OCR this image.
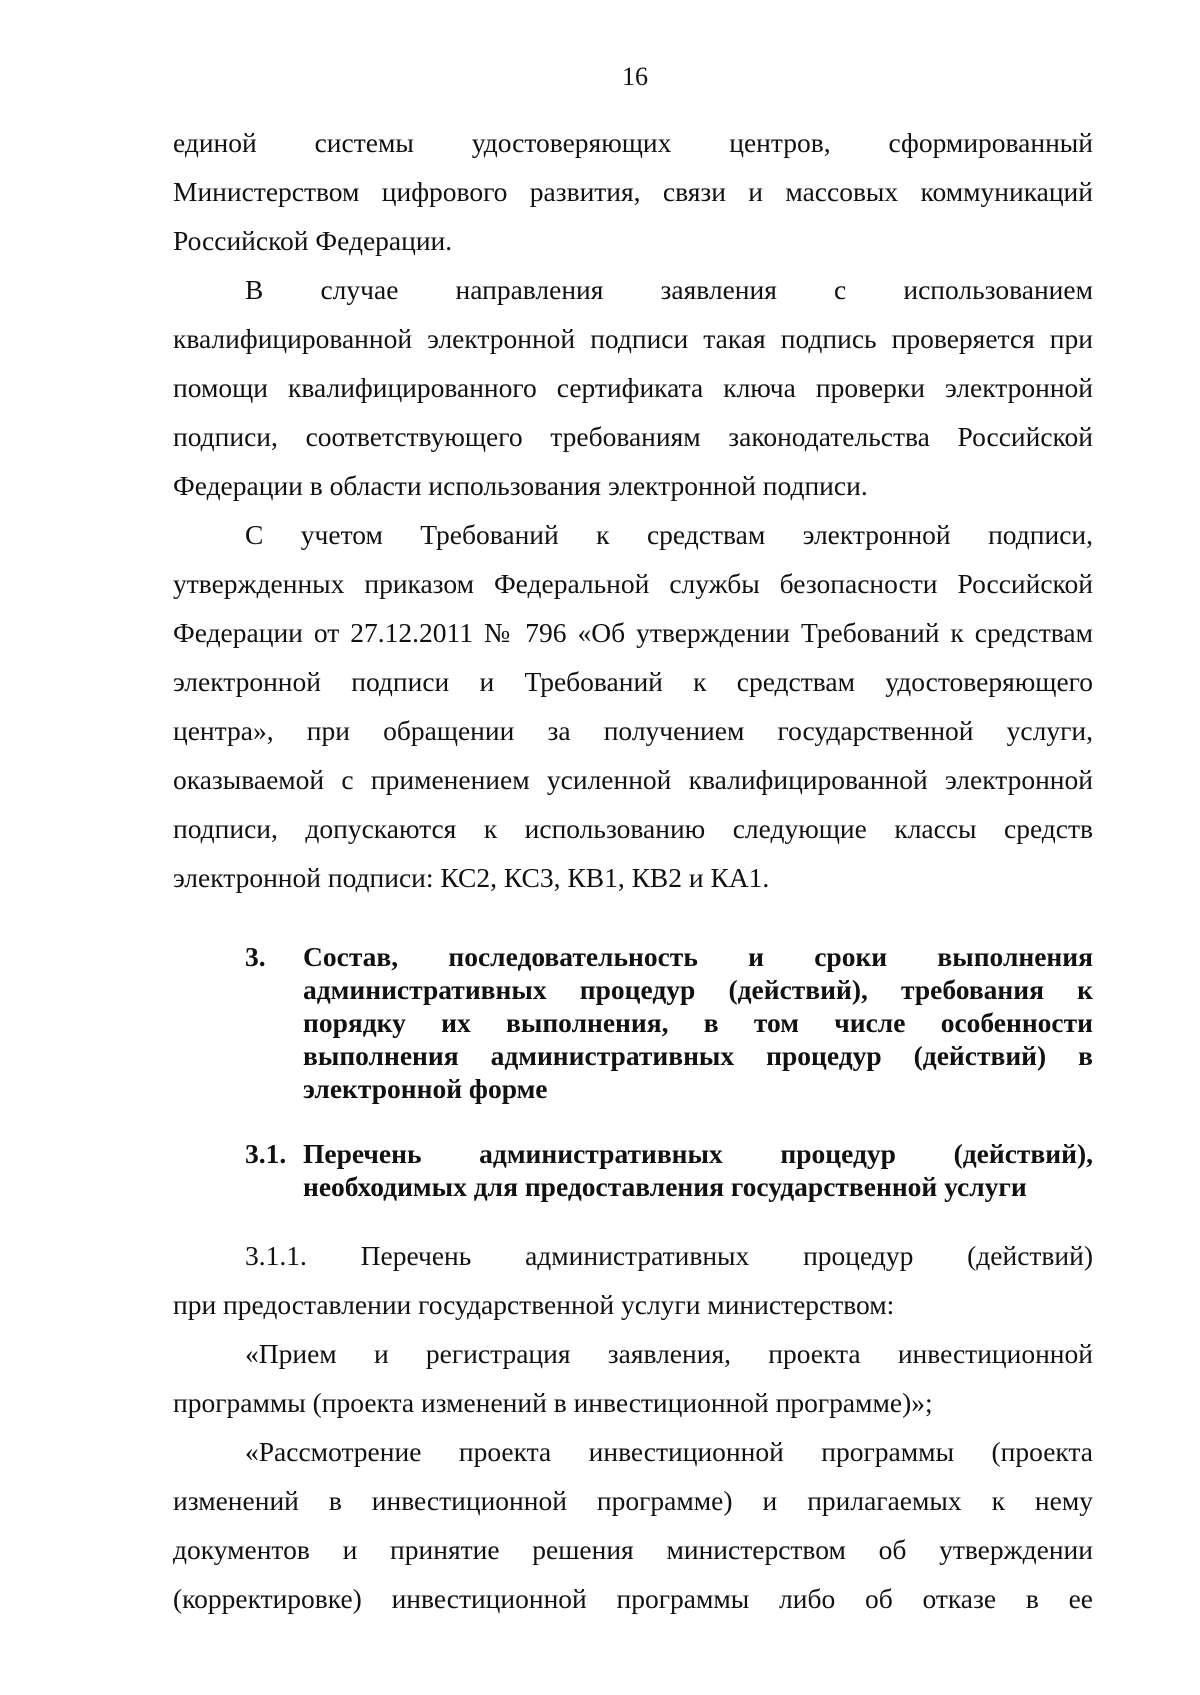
16
единой системы удостоверяющих центров, сформированный
Министерством цифрового развития, связи и массовых коммуникаций
Российской Федерации.
В случае направления заявления с использованием
квалифицированной электронной подписи такая подпись проверяется при
помощи квалифицированного сертификата ключа проверки электронной
подписи, соответствующего требованиям законодательства Российской
Федерации в области использования электронной подписи.
С учетом Требований к средствам электронной подписи,
утвержденных приказом Федеральной службы безопасности Российской
Федерации от 27.12.2011 № 796 «Об утверждении Требований к средствам
электронной подписи и Требований к средствам удостоверяющего
центра», при обращении за получением государственной услуги,
оказываемой с применением усиленной квалифицированной электронной
подписи, допускаются к использованию следующие классы средств
электронной подписи: КС2, КС3, КВ1, КВ2 и КА1.
3. Состав, последовательность и сроки выполнения
административных процедур (действий), требования к
порядку их выполнения, в том числе особенности
выполнения административных процедур (действий) в
электронной форме
3.1. Перечень административных процедур (действий),
необходимых для предоставления государственной услуги
3.1.1. Перечень административных процедур (действий)
при предоставлении государственной услуги министерством:
«Прием и регистрация заявления, проекта инвестиционной
программы (проекта изменений в инвестиционной программе)»;
«Рассмотрение проекта инвестиционной программы (проекта
изменений в инвестиционной программе) и прилагаемых к нему
документов и принятие решения министерством об утверждении
(корректировке) инвестиционной программы либо об отказе в ее
